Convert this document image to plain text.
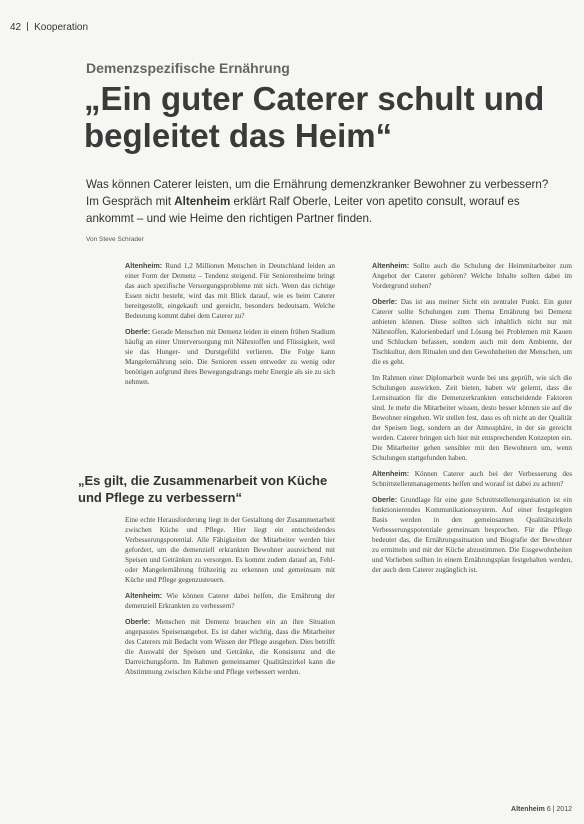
42 Kooperation
Demenzspezifische Ernährung
„Ein guter Caterer schult und begleitet das Heim“
Was können Caterer leisten, um die Ernährung demenzkranker Bewohner zu verbessern? Im Gespräch mit Altenheim erklärt Ralf Oberle, Leiter von apetito consult, worauf es ankommt – und wie Heime den richtigen Partner finden.
Von Steve Schrader

Altenheim: Rund 1,2 Millionen Menschen in Deutschland leiden an einer Form der Demenz – Tendenz steigend. Für Seniorenheime bringt das auch spezifische Versorgungsprobleme mit sich. Wenn das richtige Essen nicht besteht, wird das mit Blick darauf, wie es beim Caterer bereitgestellt, eingekauft und gereicht, besonders bedeutsam. Welche Bedeutung kommt dabei dem Caterer zu?

Oberle: Gerade Menschen mit Demenz leiden in einem frühen Stadium häufig an einer Unterversorgung mit Nährstoffen und Flüssigkeit, weil sie das Hunger- und Durstgefühl verlieren. Die Folge kann Mangelernährung sein. Die Senioren essen entweder zu wenig oder benötigen aufgrund ihres Bewegungsdrangs mehr Energie als sie zu sich nehmen.

„Es gilt, die Zusammenarbeit von Küche und Pflege zu verbessern“

Eine echte Herausforderung liegt in der Gestaltung der Zusammenarbeit zwischen Küche und Pflege. Hier liegt ein entscheidendes Verbesserungspotential. Alle Fähigkeiten der Mitarbeiter werden hier gefordert, um die demenziell erkrankten Bewohner ausreichend mit Speisen und Getränken zu versorgen. Es kommt zudem darauf an, Fehl- oder Mangelernährung frühzeitig zu erkennen und gemeinsam mit Küche und Pflege gegenzusteuern.

Altenheim: Wie können Caterer dabei helfen, die Ernährung der demenziell Erkrankten zu verbessern?

Oberle: Menschen mit Demenz brauchen ein an ihre Situation angepasstes Speisenangebot. Es ist daher wichtig, dass die Mitarbeiter des Caterers mit Bedacht vom Wissen der Pflege ausgehen. Dies betrifft die Auswahl der Speisen und Getränke, die Konsistenz und die Darreichungsform. Im Rahmen gemeinsamer Qualitätszirkel kann die Abstimmung zwischen Küche und Pflege verbessert werden.

Altenheim: Sollte auch die Schulung der Heimmitarbeiter zum Angebot der Caterer gehören? Welche Inhalte sollten dabei im Vordergrund stehen?

Oberle: Das ist aus meiner Sicht ein zentraler Punkt. Ein guter Caterer sollte Schulungen zum Thema Ernährung bei Demenz anbieten können. Diese sollten sich inhaltlich nicht nur mit Nährstoffen, Kalorienbedarf und Lösung bei Problemen mit Kauen und Schlucken befassen, sondern auch mit dem Ambiente, der Tischkultur, dem Ritualen und den Gewohnheiten der Menschen, um die es geht.

Im Rahmen einer Diplomarbeit wurde bei uns geprüft, wie sich die Schulungen auswirken. Zeit bieten, haben wir gelernt, dass die Lernsituation für die Demenzerkrankten entscheidende Faktoren sind. Je mehr die Mitarbeiter wissen, desto besser können sie auf die Bewohner eingehen. Wir stellen fest, dass es oft nicht an der Qualität der Speisen liegt, sondern an der Atmosphäre, in der sie gereicht werden. Caterer bringen sich hier mit entsprechenden Konzepten ein. Die Mitarbeiter gehen sensibler mit den Bewohnern um, wenn Schulungen stattgefunden haben.

Altenheim: Können Caterer auch bei der Verbesserung des Schnittstellenmanagements helfen und worauf ist dabei zu achten?

Oberle: Grundlage für eine gute Schnittstellenorganisation ist ein funktionierendes Kommunikationssystem. Auf einer festgelegten Basis werden in den gemeinsamen Qualitätszirkeln Verbesserungspotentiale gemeinsam besprochen. Für die Pflege bedeutet das, die Ernährungssituation und Biografie der Bewohner zu ermitteln und mit der Küche abzustimmen. Die Essgewohnheiten und Vorlieben sollten in einem Ernährungsplan festgehalten werden, der auch dem Caterer zugänglich ist.

Altenheim 6 | 2012
